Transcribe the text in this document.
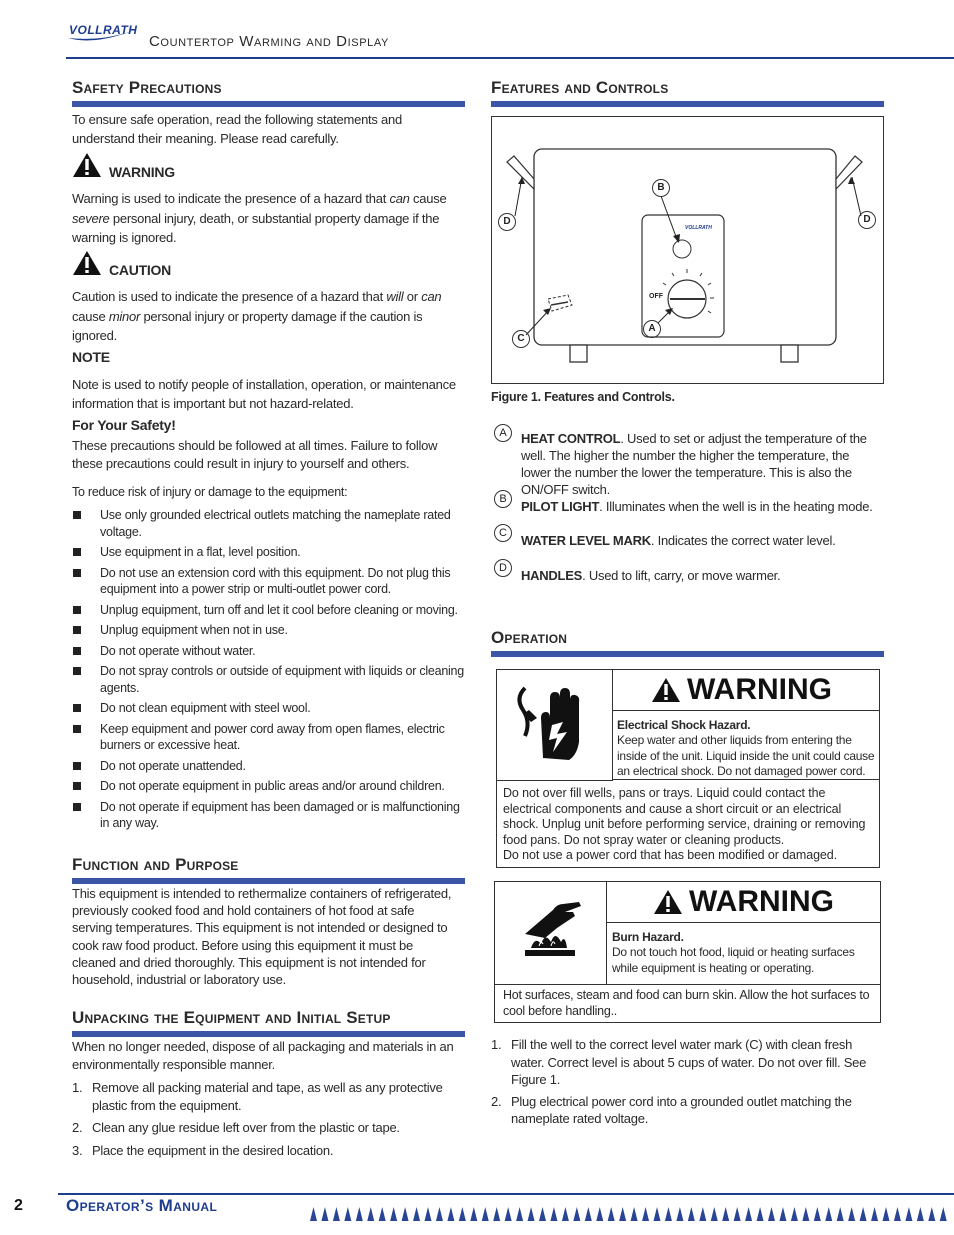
VOLLRATH
Countertop Warming and Display
Safety Precautions
To ensure safe operation, read the following statements and understand their meaning. Please read carefully.
WARNING
Warning is used to indicate the presence of a hazard that can cause severe personal injury, death, or substantial property damage if the warning is ignored.
CAUTION
Caution is used to indicate the presence of a hazard that will or can cause minor personal injury or property damage if the caution is ignored.
NOTE
Note is used to notify people of installation, operation, or maintenance information that is important but not hazard-related.
For Your Safety!
These precautions should be followed at all times. Failure to follow these precautions could result in injury to yourself and others.
To reduce risk of injury or damage to the equipment:
Use only grounded electrical outlets matching the nameplate rated voltage.
Use equipment in a flat, level position.
Do not use an extension cord with this equipment. Do not plug this equipment into a power strip or multi-outlet power cord.
Unplug equipment, turn off and let it cool before cleaning or moving.
Unplug equipment when not in use.
Do not operate without water.
Do not spray controls or outside of equipment with liquids or cleaning agents.
Do not clean equipment with steel wool.
Keep equipment and power cord away from open flames, electric burners or excessive heat.
Do not operate unattended.
Do not operate equipment in public areas and/or around children.
Do not operate if equipment has been damaged or is malfunctioning in any way.
Function and Purpose
This equipment is intended to rethermalize containers of refrigerated, previously cooked food and hold containers of hot food at safe serving temperatures. This equipment is not intended or designed to cook raw food product. Before using this equipment it must be cleaned and dried thoroughly. This equipment is not intended for household, industrial or laboratory use.
Unpacking the Equipment and Initial Setup
When no longer needed, dispose of all packaging and materials in an environmentally responsible manner.
1. Remove all packing material and tape, as well as any protective plastic from the equipment.
2. Clean any glue residue left over from the plastic or tape.
3. Place the equipment in the desired location.
Features and Controls
OFF
VOLLRATH
B
D	D
A
C
Figure 1. Features and Controls.
A	HEAT CONTROL. Used to set or adjust the temperature of the well. The higher the number the higher the temperature, the lower the number the lower the temperature. This is also the ON/OFF switch.
B	PILOT LIGHT. Illuminates when the well is in the heating mode.
C	WATER LEVEL MARK. Indicates the correct water level.
D	HANDLES. Used to lift, carry, or move warmer.
Operation
WARNING
Electrical Shock Hazard.
Keep water and other liquids from entering the inside of the unit. Liquid inside the unit could cause an electrical shock. Do not damaged power cord.
Do not over fill wells, pans or trays. Liquid could contact the electrical components and cause a short circuit or an electrical shock. Unplug unit before performing service, draining or removing food pans. Do not spray water or cleaning products.
Do not use a power cord that has been modified or damaged.
WARNING
Burn Hazard.
Do not touch hot food, liquid or heating surfaces while equipment is heating or operating.
Hot surfaces, steam and food can burn skin. Allow the hot surfaces to cool before handling..
1. Fill the well to the correct level water mark (C) with clean fresh water. Correct level is about 5 cups of water. Do not over fill. See Figure 1.
2. Plug electrical power cord into a grounded outlet matching the nameplate rated voltage.
2	Operator’s Manual
